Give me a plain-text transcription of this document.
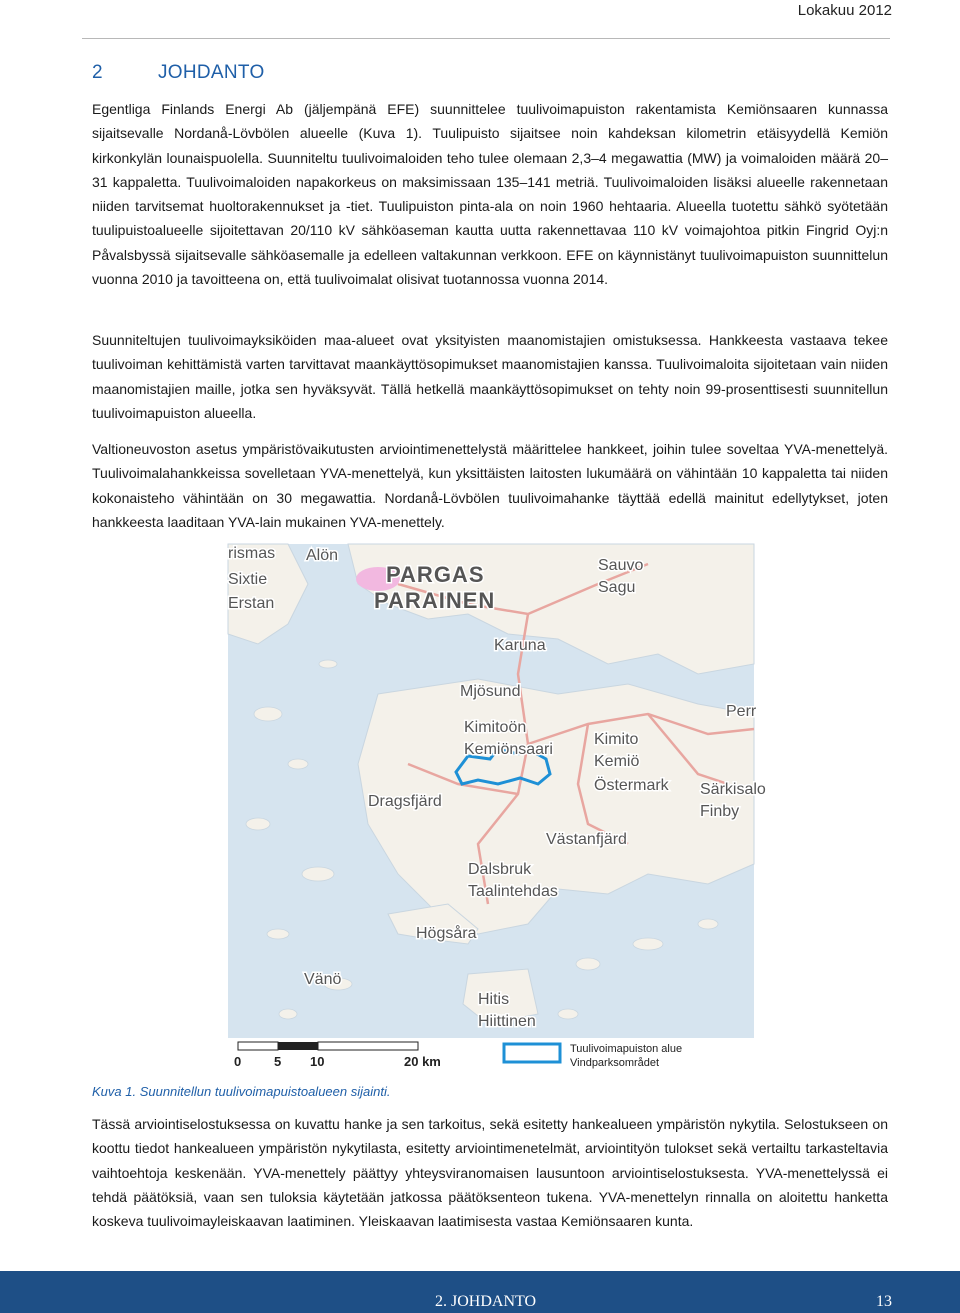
Lokakuu 2012
2	JOHDANTO

Egentliga Finlands Energi Ab (jäljempänä EFE) suunnittelee tuulivoimapuiston rakentamista Kemiönsaaren kunnassa sijaitsevalle Nordanå-Lövbölen alueelle (Kuva 1). Tuulipuisto sijaitsee noin kahdeksan kilometrin etäisyydellä Kemiön kirkonkylän lounaispuolella. Suunniteltu tuulivoimaloiden teho tulee olemaan 2,3–4 megawattia (MW) ja voimaloiden määrä 20–31 kappaletta. Tuulivoimaloiden napakorkeus on maksimissaan 135–141 metriä. Tuulivoimaloiden lisäksi alueelle rakennetaan niiden tarvitsemat huoltorakennukset ja -tiet. Tuulipuiston pinta-ala on noin 1960 hehtaaria. Alueella tuotettu sähkö syötetään tuulipuistoalueelle sijoitettavan 20/110 kV sähköaseman kautta uutta rakennettavaa 110 kV voimajohtoa pitkin Fingrid Oyj:n Påvalsbyssä sijaitsevalle sähköasemalle ja edelleen valtakunnan verkkoon. EFE on käynnistänyt tuulivoimapuiston suunnittelun vuonna 2010 ja tavoitteena on, että tuulivoimalat olisivat tuotannossa vuonna 2014.

Suunniteltujen tuulivoimayksiköiden maa-alueet ovat yksityisten maanomistajien omistuksessa. Hankkeesta vastaava tekee tuulivoiman kehittämistä varten tarvittavat maankäyttösopimukset maanomistajien kanssa. Tuulivoimaloita sijoitetaan vain niiden maanomistajien maille, jotka sen hyväksyvät. Tällä hetkellä maankäyttösopimukset on tehty noin 99-prosenttisesti suunnitellun tuulivoimapuiston alueella.

Valtioneuvoston asetus ympäristövaikutusten arviointimenettelystä määrittelee hankkeet, joihin tulee soveltaa YVA-menettelyä. Tuulivoimalahankkeissa sovelletaan YVA-menettelyä, kun yksittäisten laitosten lukumäärä on vähintään 10 kappaletta tai niiden kokonaisteho vähintään on 30 megawattia. Nordanå-Lövbölen tuulivoimahanke täyttää edellä mainitut edellytykset, joten hankkeesta laaditaan YVA-lain mukainen YVA-menettely.

rismas Alön
PARGAS
PARAINEN
Sauvo
Sagu
Sixtie
Erstan
Karuna
Mjösund
Kimitoön
Kemiönsaari
Kimito
Kemiö
Perr
Östermark Särkisalo
Finby
Dragsfjärd
Västanfjärd
Dalsbruk
Taalintehdas
Högsåra
Vänö
Hitis
Hiittinen
0	5 10	20 km
Tuulivoimapuiston alue
Vindparksområdet
Kuva 1. Suunnitellun tuulivoimapuistoalueen sijainti.

Tässä arviointiselostuksessa on kuvattu hanke ja sen tarkoitus, sekä esitetty hankealueen ympäristön nykytila. Selostukseen on koottu tiedot hankealueen ympäristön nykytilasta, esitetty arviointimenetelmät, arviointityön tulokset sekä vertailtu tarkasteltavia vaihtoehtoja keskenään. YVA-menettely päättyy yhteysviranomaisen lausuntoon arviointiselostuksesta. YVA-menettelyssä ei tehdä päätöksiä, vaan sen tuloksia käytetään jatkossa päätöksenteon tukena. YVA-menettelyn rinnalla on aloitettu hanketta koskeva tuulivoimayleiskaavan laatiminen. Yleiskaavan laatimisesta vastaa Kemiönsaaren kunta.

2. JOHDANTO	13
